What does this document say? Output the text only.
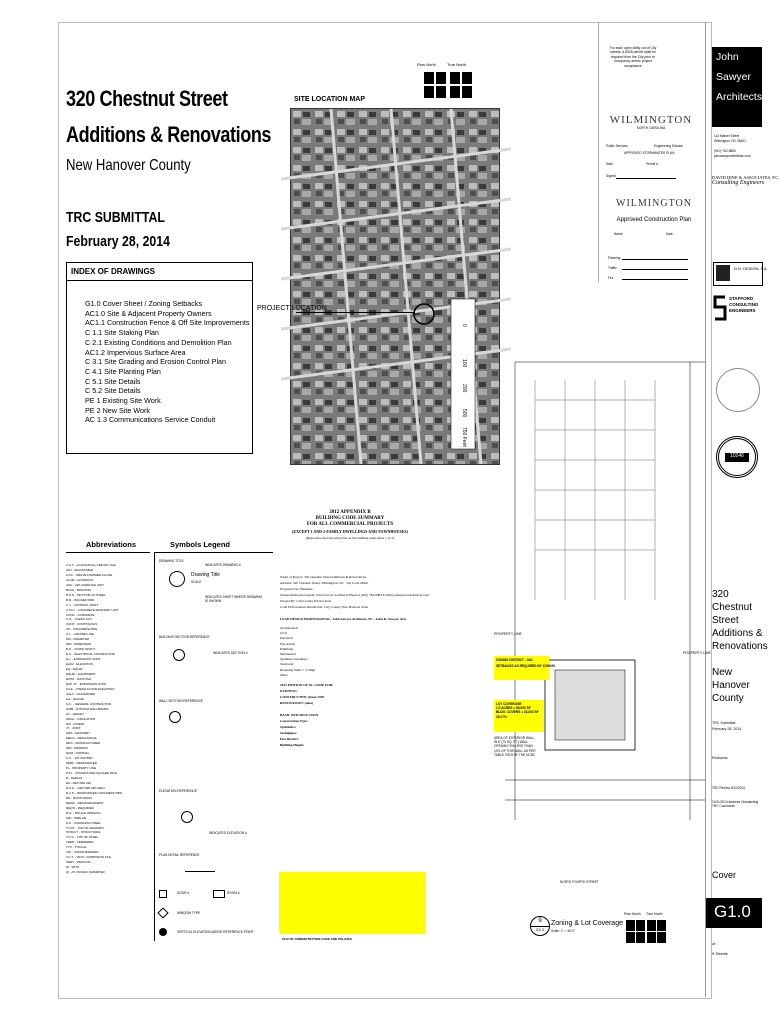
320 Chestnut Street
Additions & Renovations
New Hanover County
TRC SUBMITTAL
February 28, 2014
INDEX OF DRAWINGS
G1.0 Cover Sheet / Zoning Setbacks
AC1.0 Site & Adjacent Property Owners
AC1.1 Construction Fence & Off Site Improvements
C 1.1 Site Staking Plan
C 2.1 Existing Conditions and Demolition Plan
AC1.2 Impervious Surface Area
C 3.1 Site Grading and Erosion Control Plan
C 4.1 Site Planting Plan
C 5.1 Site Details
C 5.2 Site Details
PE 1 Existing Site Work
PE 2 New Site Work
AC 1.3 Communications Service Conduit
SITE LOCATION MAP
0
100
200
500
750 Feet
PROJECT LOCATION
Plan North	True North
For each open utility cut of City streets, a $325 permit shall be required from the City prior to occupancy and/or project acceptance
John
Sawyer
Architects
114 Market Street
Wilmington, NC 28401
(910) 762-8863
johnsawyerarchitects.com
WILMINGTON
NORTH CAROLINA
Public Services	Engineering Division
APPROVED STORMWATER PLAN
Date	Permit #
Signed	DAVID HINE & ASSOCIATES, P.C.
Consulting Engineers
WILMINGTON
Approved Construction Plan
Name	Date
Planning
Traffic
Fire
D.H. DESIGN, P.A.
STAFFORD
CONSULTING
ENGINEERS
10246
PROPERTY LINE
PROPERTY LINE
ZONING DISTRICT - O&I
SETBACKS AS REQUIRED BY ZONING
LOT COVERAGE
1.5 ACRES = 65,000 SF
BLDG. COVERS = 16,000 SF
25.37%
AREA OF EXTERIOR WALL IN 5' (70 SQ. FT.) WALL OPENING 5% LESS THAN 10% OF THIS WALL AS PER TABLE 705.8 OF THE NCBC
NORTH FOURTH STREET
9
G1.0
Zoning & Lot Coverage
Scale: 1" = 30'-0"
Plan North True North
2012 APPENDIX B
BUILDING CODE SUMMARY
FOR ALL COMMERCIAL PROJECTS
(EXCEPT 1 AND 2-FAMILY DWELLINGS AND TOWNHOUSES)
(Reproduce the following data on the building plans sheet 1 or 2)
Name of Project: 320 Chestnut Street Additions & Renovations
Address: 320 Chestnut Street, Wilmington, NC Zip Code 28401
Proposed Use: Business
Owner/Authorized Agent: John Sawyer Architects Phone # (910) 762-8863 E-Mail johnsawyerarchitects.com
Owned By: City/County Private State
Code Enforcement Jurisdiction: City County New Hanover State
LEAD DESIGN PROFESSIONAL: John Sawyer Architects, PC - John R. Sawyer, AIA
Architectural
Civil
Electrical
Fire Alarm
Plumbing
Mechanical
Sprinkler-Standpipe
Structural
Retaining Walls > 5' High
Other
2012 EDITION OF NC CODE FOR:
EXISTING:
CONSTRUCTED: (date) 1959
RENOVATION: (date)
BASIC BUILDING DATA
Construction Type:
Sprinklers:
Standpipes:
Fire District:
Building Height:
2012 NC ADMINISTRATION CODE AND POLICIES
Abbreviations
A.C.T. - ACOUSTICAL CEILING TILE
ADJ - ADJUSTABLE
A.F.F. - ABOVE FINISHED FLOOR
ALUM - ALUMINUM
AHU - AIR HANDLING UNIT
BLDG - BUILDING
B.O.S. - BOTTOM OF STEEL
B.R. - BACKER ROD
C.J. - CONTROL JOINT
C.M.U. - CONCRETE MASONRY UNIT
CONC - CONCRETE
C.O. - CLEAN OUT
CONT - CONTINUOUS
CP - CONCRETE PIPE
C.L. - CENTER LINE
DIA - DIAMETER
DIM - DIMENSION
D.S. - DOWN SPOUT
E.C. - ELECTRICAL CONTRACTOR
E.J. - EXPANSION JOINT
ELEV - ELEVATION
EQ - EQUAL
EQUIP - EQUIPMENT
EXIST - EXISTING
EXP. JT. - EXPANSION JOINT
F.F.E. - FINISH FLOOR ELEVATION
GALV - GALVANIZED
GA - GAUGE
G.C. - GENERAL CONTRACTOR
GWB - GYPSUM WALLBOARD
HT - HEIGHT
INSUL - INSULATION
INV - INVERT
JT - JOINT
MAS - MASONRY
MECH - MECHANICAL
MFG - MANUFACTURER
MIN - MINIMUM
NOM - NOMINAL
O.C. - ON CENTER
PERF - PERFORATED
PL - PROPERTY LINE
P.S.I. - POUNDS PER SQUARE INCH
R - RADIUS
RA - RETURN AIR
R.A.G. - RETURN AIR GRILL
R.C.P. - REINFORCED CONCRETE PIPE
RD - ROOF DRAIN
REINF - REINFORCEMENT
REQ'D - REQUIRED
R.O. - ROUGH OPENING
SIM - SIMILAR
S.S. - STAINLESS STEEL
T.O.M. - TOP OF MASONRY
STRUCT - STRUCTURAL
T.O.S. - TOP OF STEEL
TEMP - TEMPERED
TYP - TYPICAL
V.B. - VAPOR BARRIER
V.C.T. - VINYL COMPOSITE TILE
VERT - VERTICAL
W - WITH
@ - AT, ROUND, DIAMETER
Symbols Legend
DRAWING TITLE
Drawing Title
SCALE
INDICATES DRAWING #
INDICATES SHEET WHERE DRAWING IS SHOWN
BUILDING SECTION REFERENCE
INDICATES SECTION #
WALL SECTION REFERENCE
ELEVATION REFERENCE
INDICATES ELEVATION #
PLAN DETAIL REFERENCE
DOOR #	ROOM #
WINDOW TYPE
VERTICAL ELEVATION ABOVE REFERENCE POINT
320 Chestnut
Street
Additions &
Renovations
New Hanover
County
TRC Submittal
February 28, 2014
Revisions
TRC Review 5/10/2014
10/11/2014 Address Outstanding TRC Comments
Cover
G1.0
of
9 Sheets
